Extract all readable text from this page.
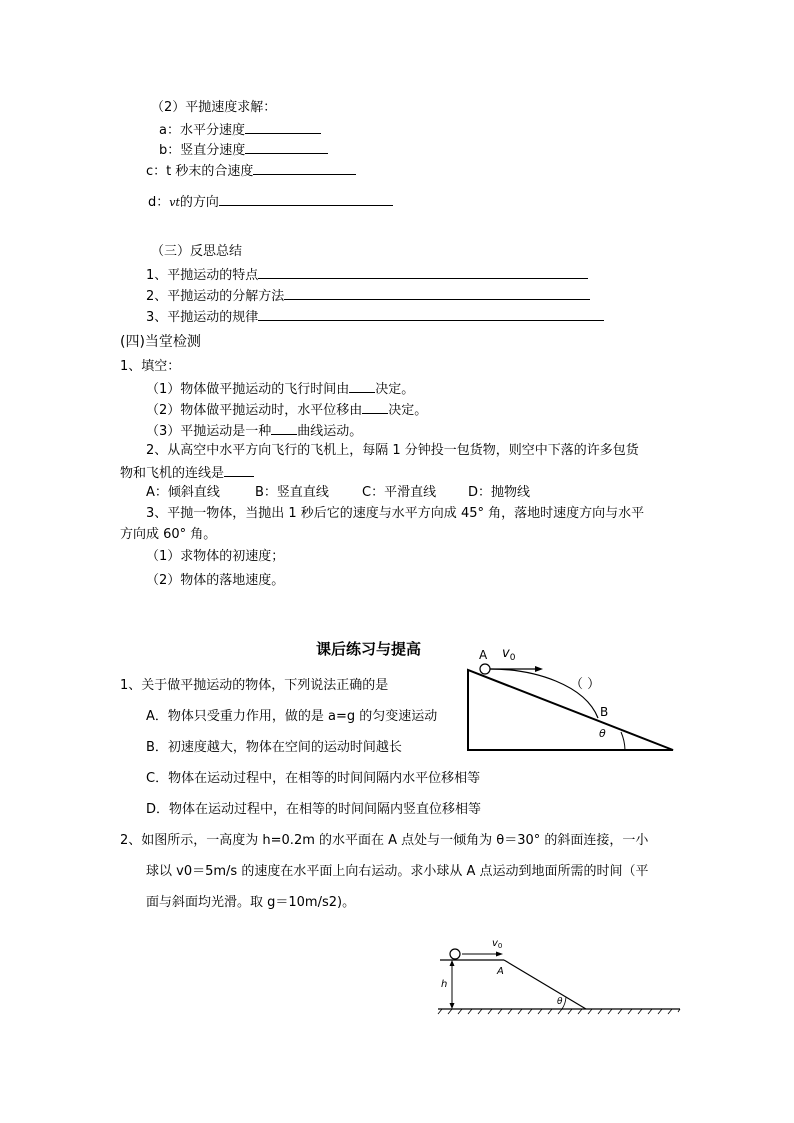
（2）平抛速度求解：
a：水平分速度
b：竖直分速度
c：t 秒末的合速度
d：vt的方向
（三）反思总结
1、平抛运动的特点
2、平抛运动的分解方法
3、平抛运动的规律
(四)当堂检测
1、填空：
（1）物体做平抛运动的飞行时间由 决定。
（2）物体做平抛运动时，水平位移由 决定。
（3）平抛运动是一种 曲线运动。
2、从高空中水平方向飞行的飞机上，每隔 1 分钟投一包货物，则空中下落的许多包货
物和飞机的连线是
A：倾斜直线	B：竖直直线	C：平滑直线 D：抛物线
3、平抛一物体，当抛出 1 秒后它的速度与水平方向成 45° 角，落地时速度方向与水平
方向成 60° 角。
（1）求物体的初速度；
（2）物体的落地速度。
课后练习与提高
1、关于做平抛运动的物体，下列说法正确的是	（ ）
A．物体只受重力作用，做的是 a=g 的匀变速运动
B．初速度越大，物体在空间的运动时间越长
C．物体在运动过程中，在相等的时间间隔内水平位移相等
D．物体在运动过程中，在相等的时间间隔内竖直位移相等
2、如图所示，一高度为 h=0.2m 的水平面在 A 点处与一倾角为 θ＝30° 的斜面连接，一小
球以 v0＝5m/s 的速度在水平面上向右运动。求小球从 A 点运动到地面所需的时间（平
面与斜面均光滑。取 g＝10m/s2)。
A $v_0$
B
θ
$v_0$
A
h
θ
